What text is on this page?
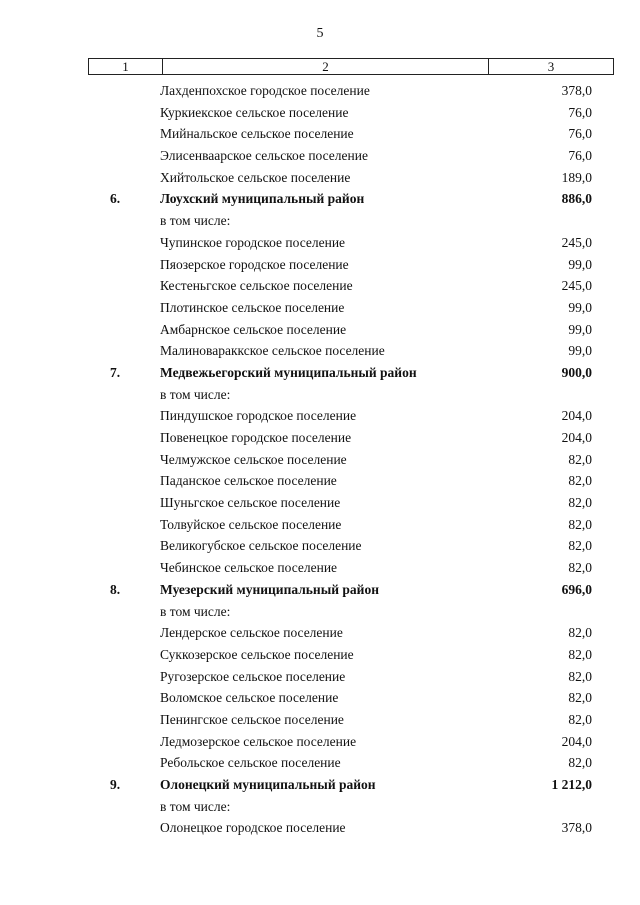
5
1	2	3
Лахденпохское городское поселение	378,0
Куркиекское сельское поселение	76,0
Мийнальское сельское поселение	76,0
Элисенваарское сельское поселение	76,0
Хийтольское сельское поселение	189,0
6.	Лоухский муниципальный район	886,0
в том числе:
Чупинское городское поселение	245,0
Пяозерское городское поселение	99,0
Кестеньгское сельское поселение	245,0
Плотинское сельское поселение	99,0
Амбарнское сельское поселение	99,0
Малиновараккское сельское поселение	99,0
7.	Медвежьегорский муниципальный район	900,0
в том числе:
Пиндушское городское поселение	204,0
Повенецкое городское поселение	204,0
Челмужское сельское поселение	82,0
Паданское сельское поселение	82,0
Шуньгское сельское поселение	82,0
Толвуйское сельское поселение	82,0
Великогубское сельское поселение	82,0
Чебинское сельское поселение	82,0
8.	Муезерский муниципальный район	696,0
в том числе:
Лендерское сельское поселение	82,0
Суккозерское сельское поселение	82,0
Ругозерское сельское поселение	82,0
Воломское сельское поселение	82,0
Пенингское сельское поселение	82,0
Ледмозерское сельское поселение	204,0
Ребольское сельское поселение	82,0
9.	Олонецкий муниципальный район	1 212,0
в том числе:
Олонецкое городское поселение	378,0
